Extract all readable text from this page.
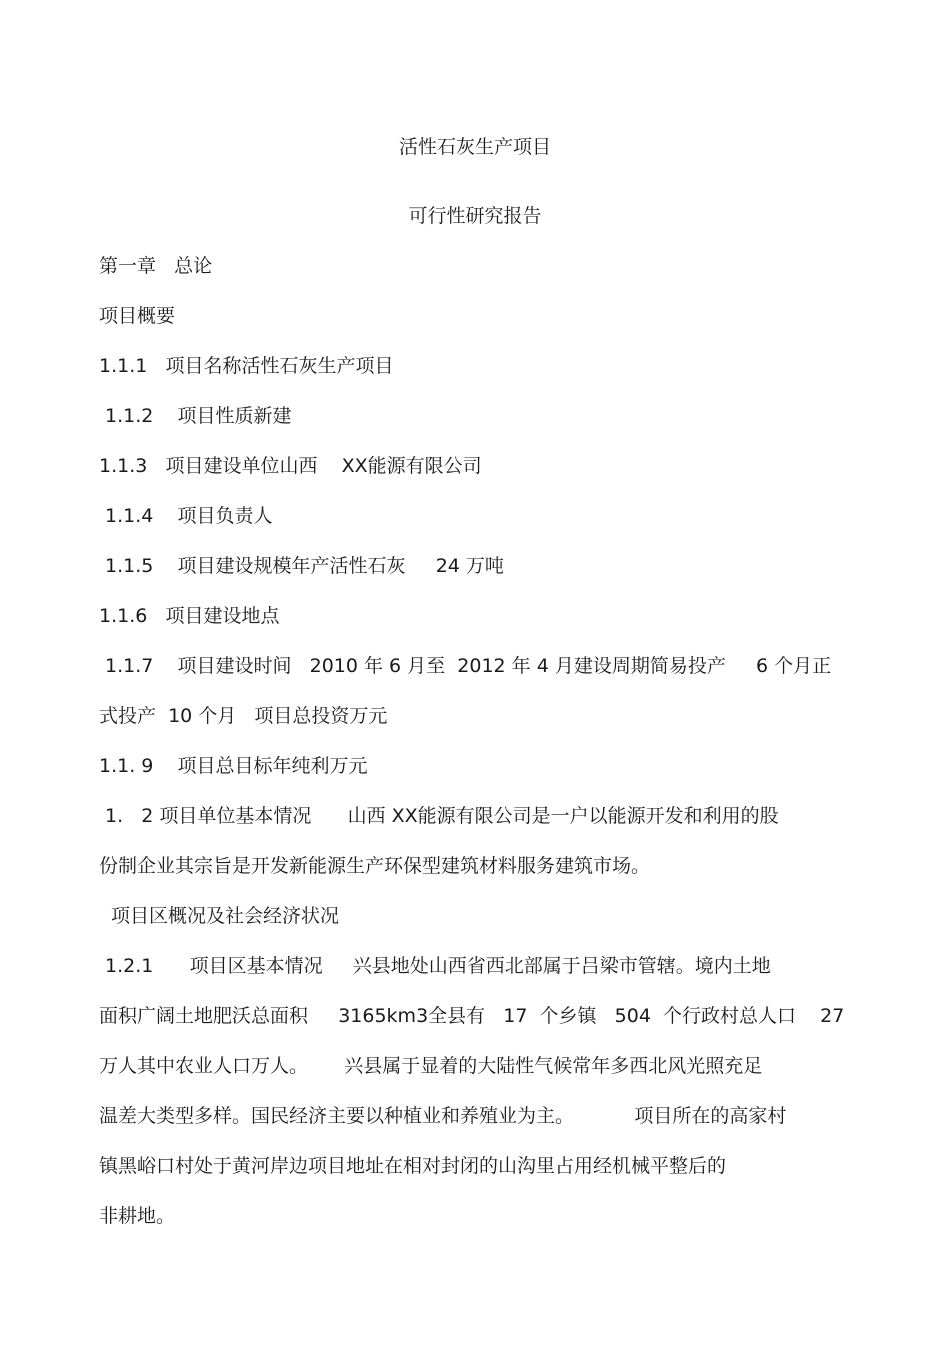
活性石灰生产项目
可行性研究报告
第一章   总论
项目概要
1.1.1   项目名称活性石灰生产项目
1.1.2    项目性质新建
1.1.3   项目建设单位山西    XX能源有限公司
1.1.4    项目负责人
1.1.5    项目建设规模年产活性石灰     24 万吨
1.1.6   项目建设地点
1.1.7    项目建设时间   2010 年 6 月至  2012 年 4 月建设周期简易投产     6 个月正
式投产  10 个月   项目总投资万元
1.1. 9    项目总目标年纯利万元
1.   2 项目单位基本情况      山西 XX能源有限公司是一户以能源开发和利用的股
份制企业其宗旨是开发新能源生产环保型建筑材料服务建筑市场。
项目区概况及社会经济状况
1.2.1      项目区基本情况     兴县地处山西省西北部属于吕梁市管辖。境内土地
面积广阔土地肥沃总面积     3165km3全县有   17  个乡镇   504  个行政村总人口    27
万人其中农业人口万人。      兴县属于显着的大陆性气候常年多西北风光照充足
温差大类型多样。国民经济主要以种植业和养殖业为主。          项目所在的高家村
镇黑峪口村处于黄河岸边项目地址在相对封闭的山沟里占用经机械平整后的
非耕地。
